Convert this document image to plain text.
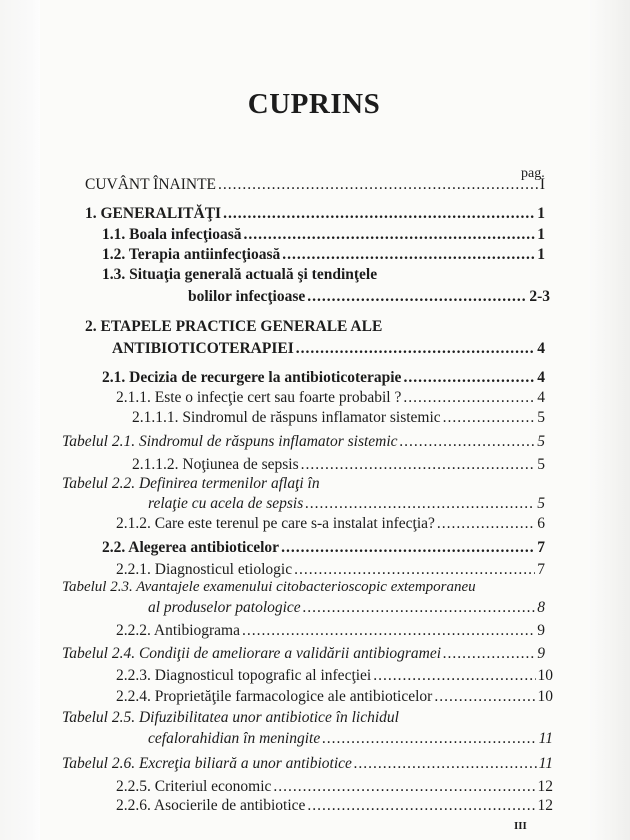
CUPRINS
pag.
CUVÂNT ÎNAINTE .....	I
1. GENERALITĂŢI .....	1
1.1. Boala infecţioasă .....	1
1.2. Terapia antiinfecţioasă .....	1
1.3. Situaţia generală actuală şi tendinţele
bolilor infecţioase .....	2-3
2. ETAPELE PRACTICE GENERALE ALE
ANTIBIOTICOTERAPIEI .....	4
2.1. Decizia de recurgere la antibioticoterapie .....	4
2.1.1. Este o infecţie cert sau foarte probabil ? .....	4
2.1.1.1. Sindromul de răspuns inflamator sistemic .....	5
Tabelul 2.1. Sindromul de răspuns inflamator sistemic .....	5
2.1.1.2. Noţiunea de sepsis .....	5
Tabelul 2.2. Definirea termenilor aflaţi în
relaţie cu acela de sepsis .....	5
2.1.2. Care este terenul pe care s-a instalat infecţia? .....	6
2.2. Alegerea antibioticelor .....	7
2.2.1. Diagnosticul etiologic .....	7
Tabelul 2.3. Avantajele examenului citobacterioscopic extemporaneu
al produselor patologice .....	8
2.2.2. Antibiograma .....	9
Tabelul 2.4. Condiţii de ameliorare a validării antibiogramei .....	9
2.2.3. Diagnosticul topografic al infecţiei .....	10
2.2.4. Proprietăţile farmacologice ale antibioticelor .....	10
Tabelul 2.5. Difuzibilitatea unor antibiotice în lichidul
cefalorahidian în meningite .....	11
Tabelul 2.6. Excreţia biliară a unor antibiotice .....	11
2.2.5. Criteriul economic .....	12
2.2.6. Asocierile de antibiotice .....	12
III
